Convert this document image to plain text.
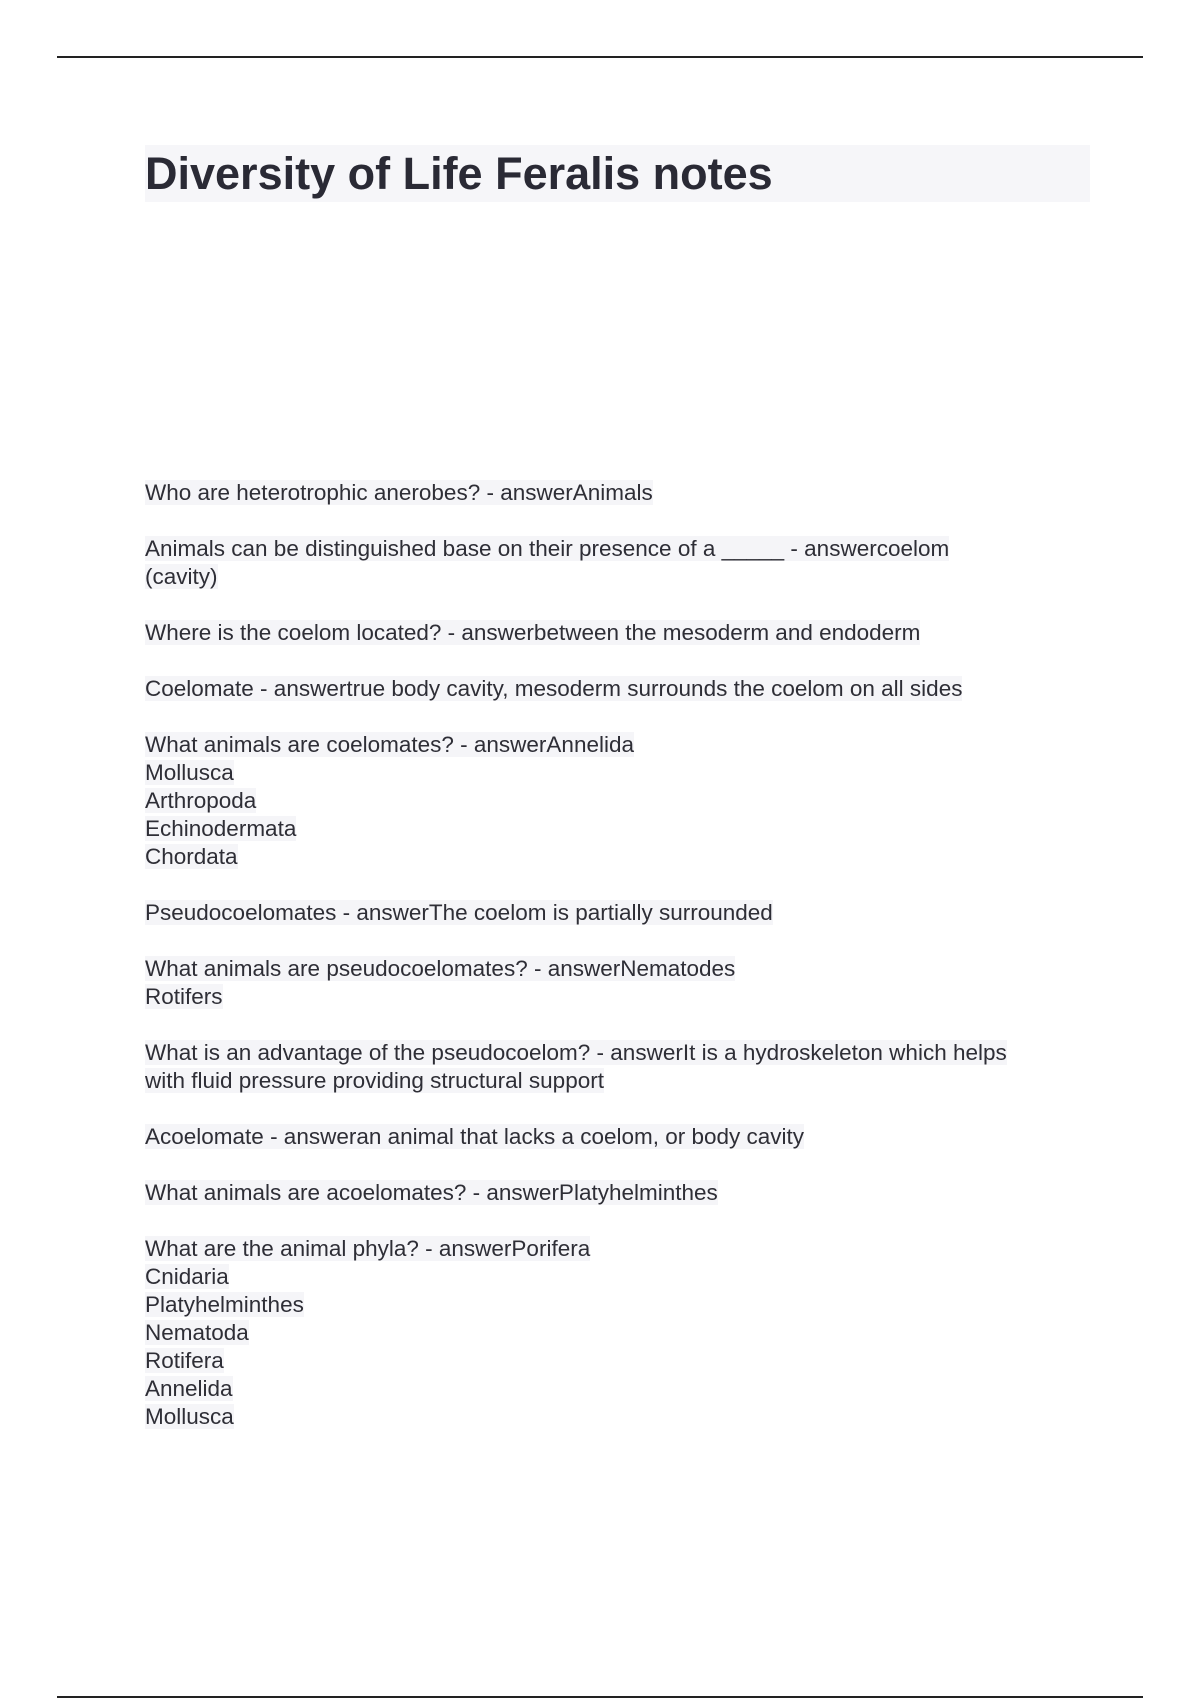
Diversity of Life Feralis notes

Who are heterotrophic anerobes? - answerAnimals

Animals can be distinguished base on their presence of a _____ - answercoelom
(cavity)

Where is the coelom located? - answerbetween the mesoderm and endoderm

Coelomate - answertrue body cavity, mesoderm surrounds the coelom on all sides

What animals are coelomates? - answerAnnelida
Mollusca
Arthropoda
Echinodermata
Chordata

Pseudocoelomates - answerThe coelom is partially surrounded

What animals are pseudocoelomates? - answerNematodes
Rotifers

What is an advantage of the pseudocoelom? - answerIt is a hydroskeleton which helps
with fluid pressure providing structural support

Acoelomate - answeran animal that lacks a coelom, or body cavity

What animals are acoelomates? - answerPlatyhelminthes

What are the animal phyla? - answerPorifera
Cnidaria
Platyhelminthes
Nematoda
Rotifera
Annelida
Mollusca
